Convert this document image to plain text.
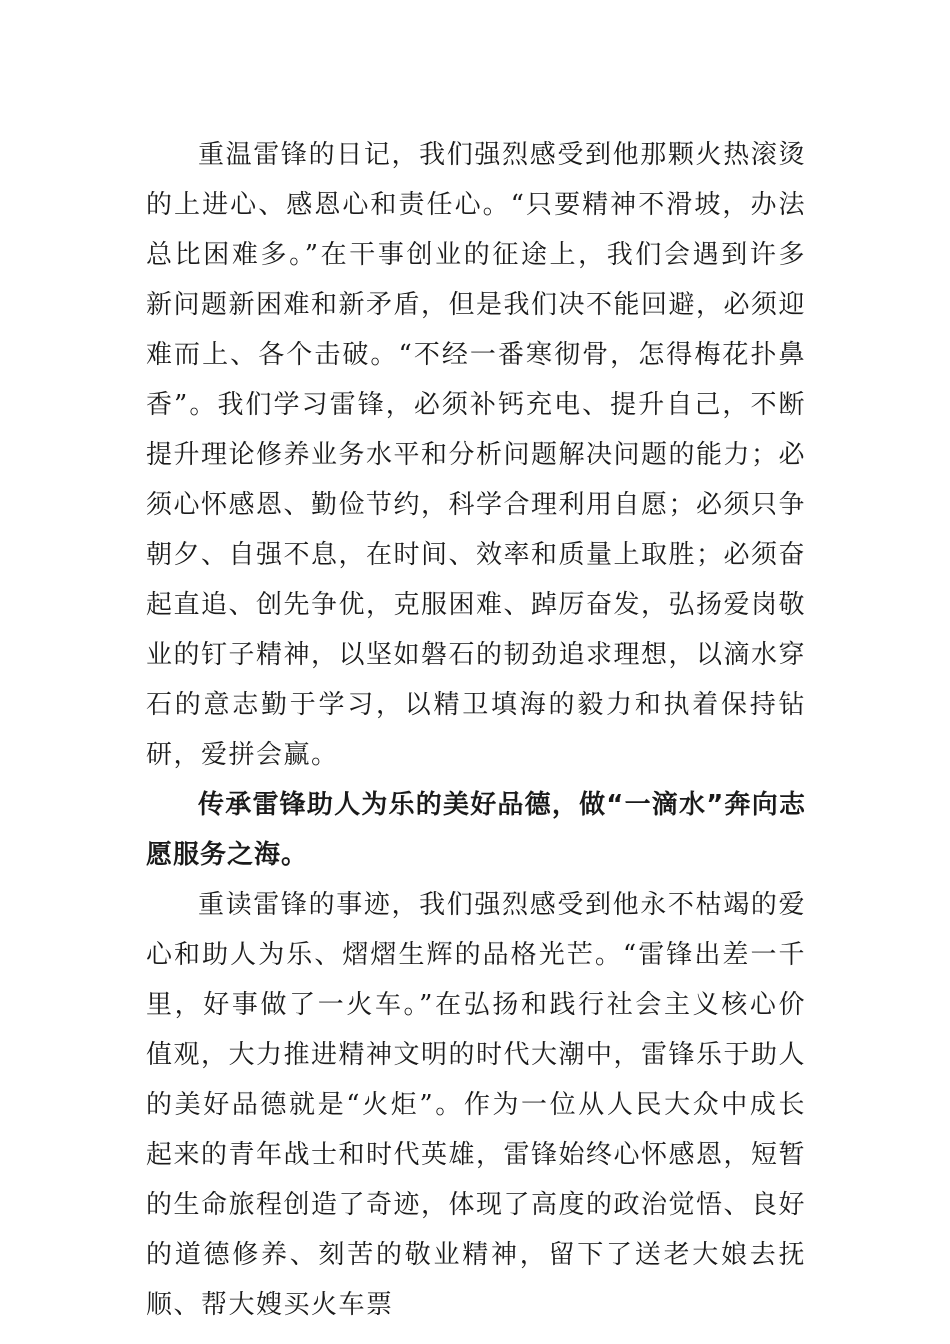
重温雷锋的日记，我们强烈感受到他那颗火热滚烫的上进心、感恩心和责任心。“只要精神不滑坡，办法总比困难多。”在干事创业的征途上，我们会遇到许多新问题新困难和新矛盾，但是我们决不能回避，必须迎难而上、各个击破。“不经一番寒彻骨，怎得梅花扑鼻香”。我们学习雷锋，必须补钙充电、提升自己，不断提升理论修养业务水平和分析问题解决问题的能力；必须心怀感恩、勤俭节约，科学合理利用自愿；必须只争朝夕、自强不息，在时间、效率和质量上取胜；必须奋起直追、创先争优，克服困难、踔厉奋发，弘扬爱岗敬业的钉子精神，以坚如磐石的韧劲追求理想，以滴水穿石的意志勤于学习，以精卫填海的毅力和执着保持钻研，爱拼会赢。

传承雷锋助人为乐的美好品德，做“一滴水”奔向志愿服务之海。

重读雷锋的事迹，我们强烈感受到他永不枯竭的爱心和助人为乐、熠熠生辉的品格光芒。“雷锋出差一千里，好事做了一火车。”在弘扬和践行社会主义核心价值观，大力推进精神文明的时代大潮中，雷锋乐于助人的美好品德就是“火炬”。作为一位从人民大众中成长起来的青年战士和时代英雄，雷锋始终心怀感恩，短暂的生命旅程创造了奇迹，体现了高度的政治觉悟、良好的道德修养、刻苦的敬业精神，留下了送老大娘去抚顺、帮大嫂买火车票
